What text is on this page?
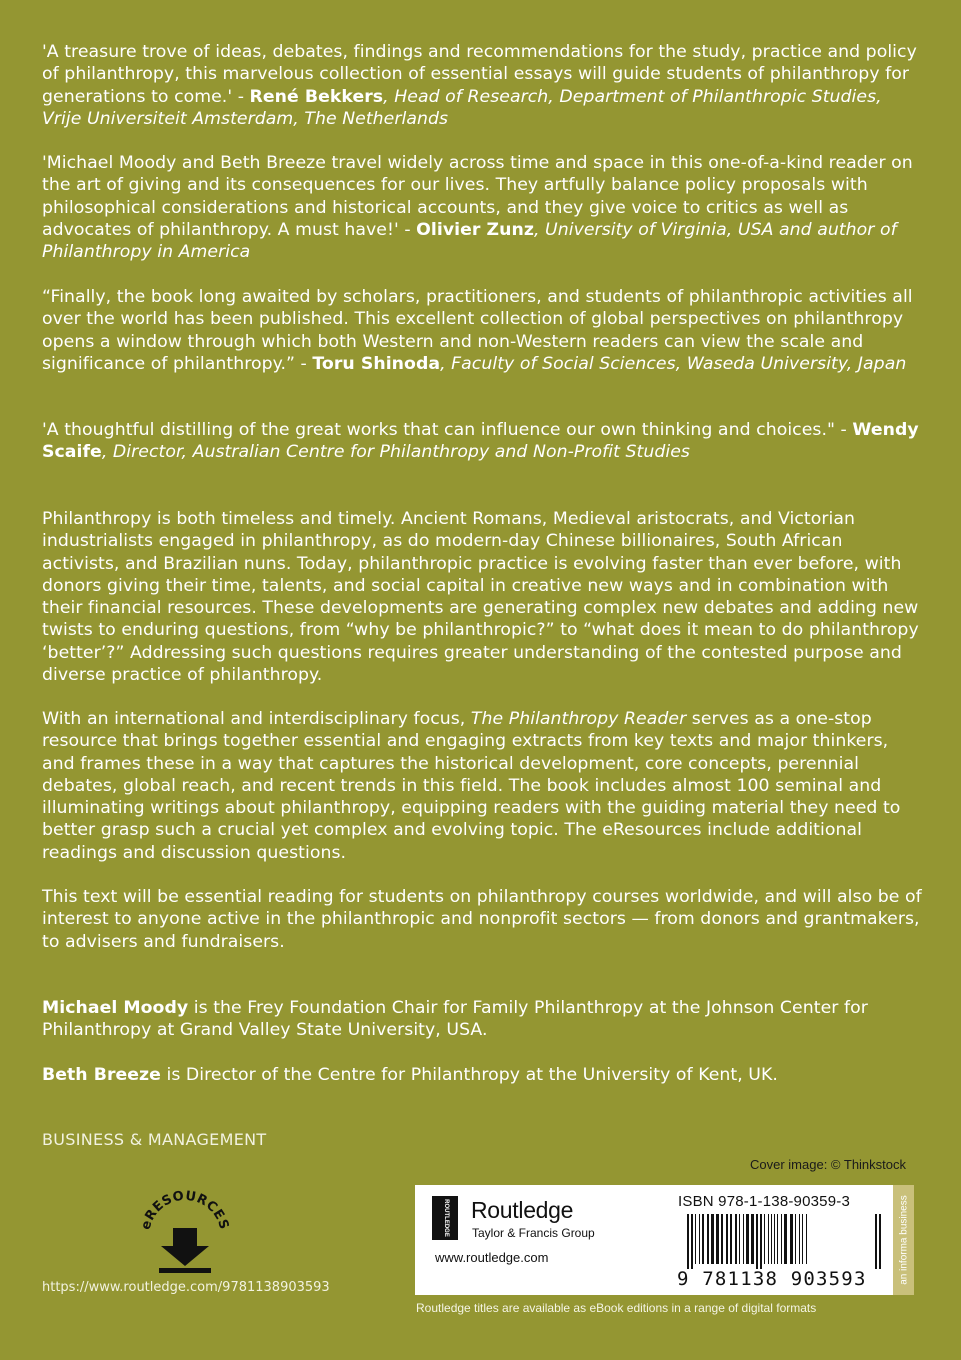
'A treasure trove of ideas, debates, findings and recommendations for the study, practice and policy of philanthropy, this marvelous collection of essential essays will guide students of philanthropy for generations to come.' - René Bekkers, Head of Research, Department of Philanthropic Studies, Vrije Universiteit Amsterdam, The Netherlands

'Michael Moody and Beth Breeze travel widely across time and space in this one-of-a-kind reader on the art of giving and its consequences for our lives. They artfully balance policy proposals with philosophical considerations and historical accounts, and they give voice to critics as well as advocates of philanthropy. A must have!' - Olivier Zunz, University of Virginia, USA and author of Philanthropy in America

“Finally, the book long awaited by scholars, practitioners, and students of philanthropic activities all over the world has been published. This excellent collection of global perspectives on philanthropy opens a window through which both Western and non-Western readers can view the scale and significance of philanthropy.” - Toru Shinoda, Faculty of Social Sciences, Waseda University, Japan

'A thoughtful distilling of the great works that can influence our own thinking and choices." - Wendy Scaife, Director, Australian Centre for Philanthropy and Non-Profit Studies

Philanthropy is both timeless and timely. Ancient Romans, Medieval aristocrats, and Victorian industrialists engaged in philanthropy, as do modern-day Chinese billionaires, South African activists, and Brazilian nuns. Today, philanthropic practice is evolving faster than ever before, with donors giving their time, talents, and social capital in creative new ways and in combination with their financial resources. These developments are generating complex new debates and adding new twists to enduring questions, from “why be philanthropic?” to “what does it mean to do philanthropy ‘better’?” Addressing such questions requires greater understanding of the contested purpose and diverse practice of philanthropy.

With an international and interdisciplinary focus, The Philanthropy Reader serves as a one-stop resource that brings together essential and engaging extracts from key texts and major thinkers, and frames these in a way that captures the historical development, core concepts, perennial debates, global reach, and recent trends in this field. The book includes almost 100 seminal and illuminating writings about philanthropy, equipping readers with the guiding material they need to better grasp such a crucial yet complex and evolving topic. The eResources include additional readings and discussion questions.

This text will be essential reading for students on philanthropy courses worldwide, and will also be of interest to anyone active in the philanthropic and nonprofit sectors — from donors and grantmakers, to advisers and fundraisers.

Michael Moody is the Frey Foundation Chair for Family Philanthropy at the Johnson Center for Philanthropy at Grand Valley State University, USA.

Beth Breeze is Director of the Centre for Philanthropy at the University of Kent, UK.

BUSINESS & MANAGEMENT
Cover image: © Thinkstock
eRESOURCES
https://www.routledge.com/9781138903593
ROUTLEDGE Routledge
Taylor & Francis Group
www.routledge.com
ISBN 978-1-138-90359-3
9 781138 903593	an informa business
Routledge titles are available as eBook editions in a range of digital formats
